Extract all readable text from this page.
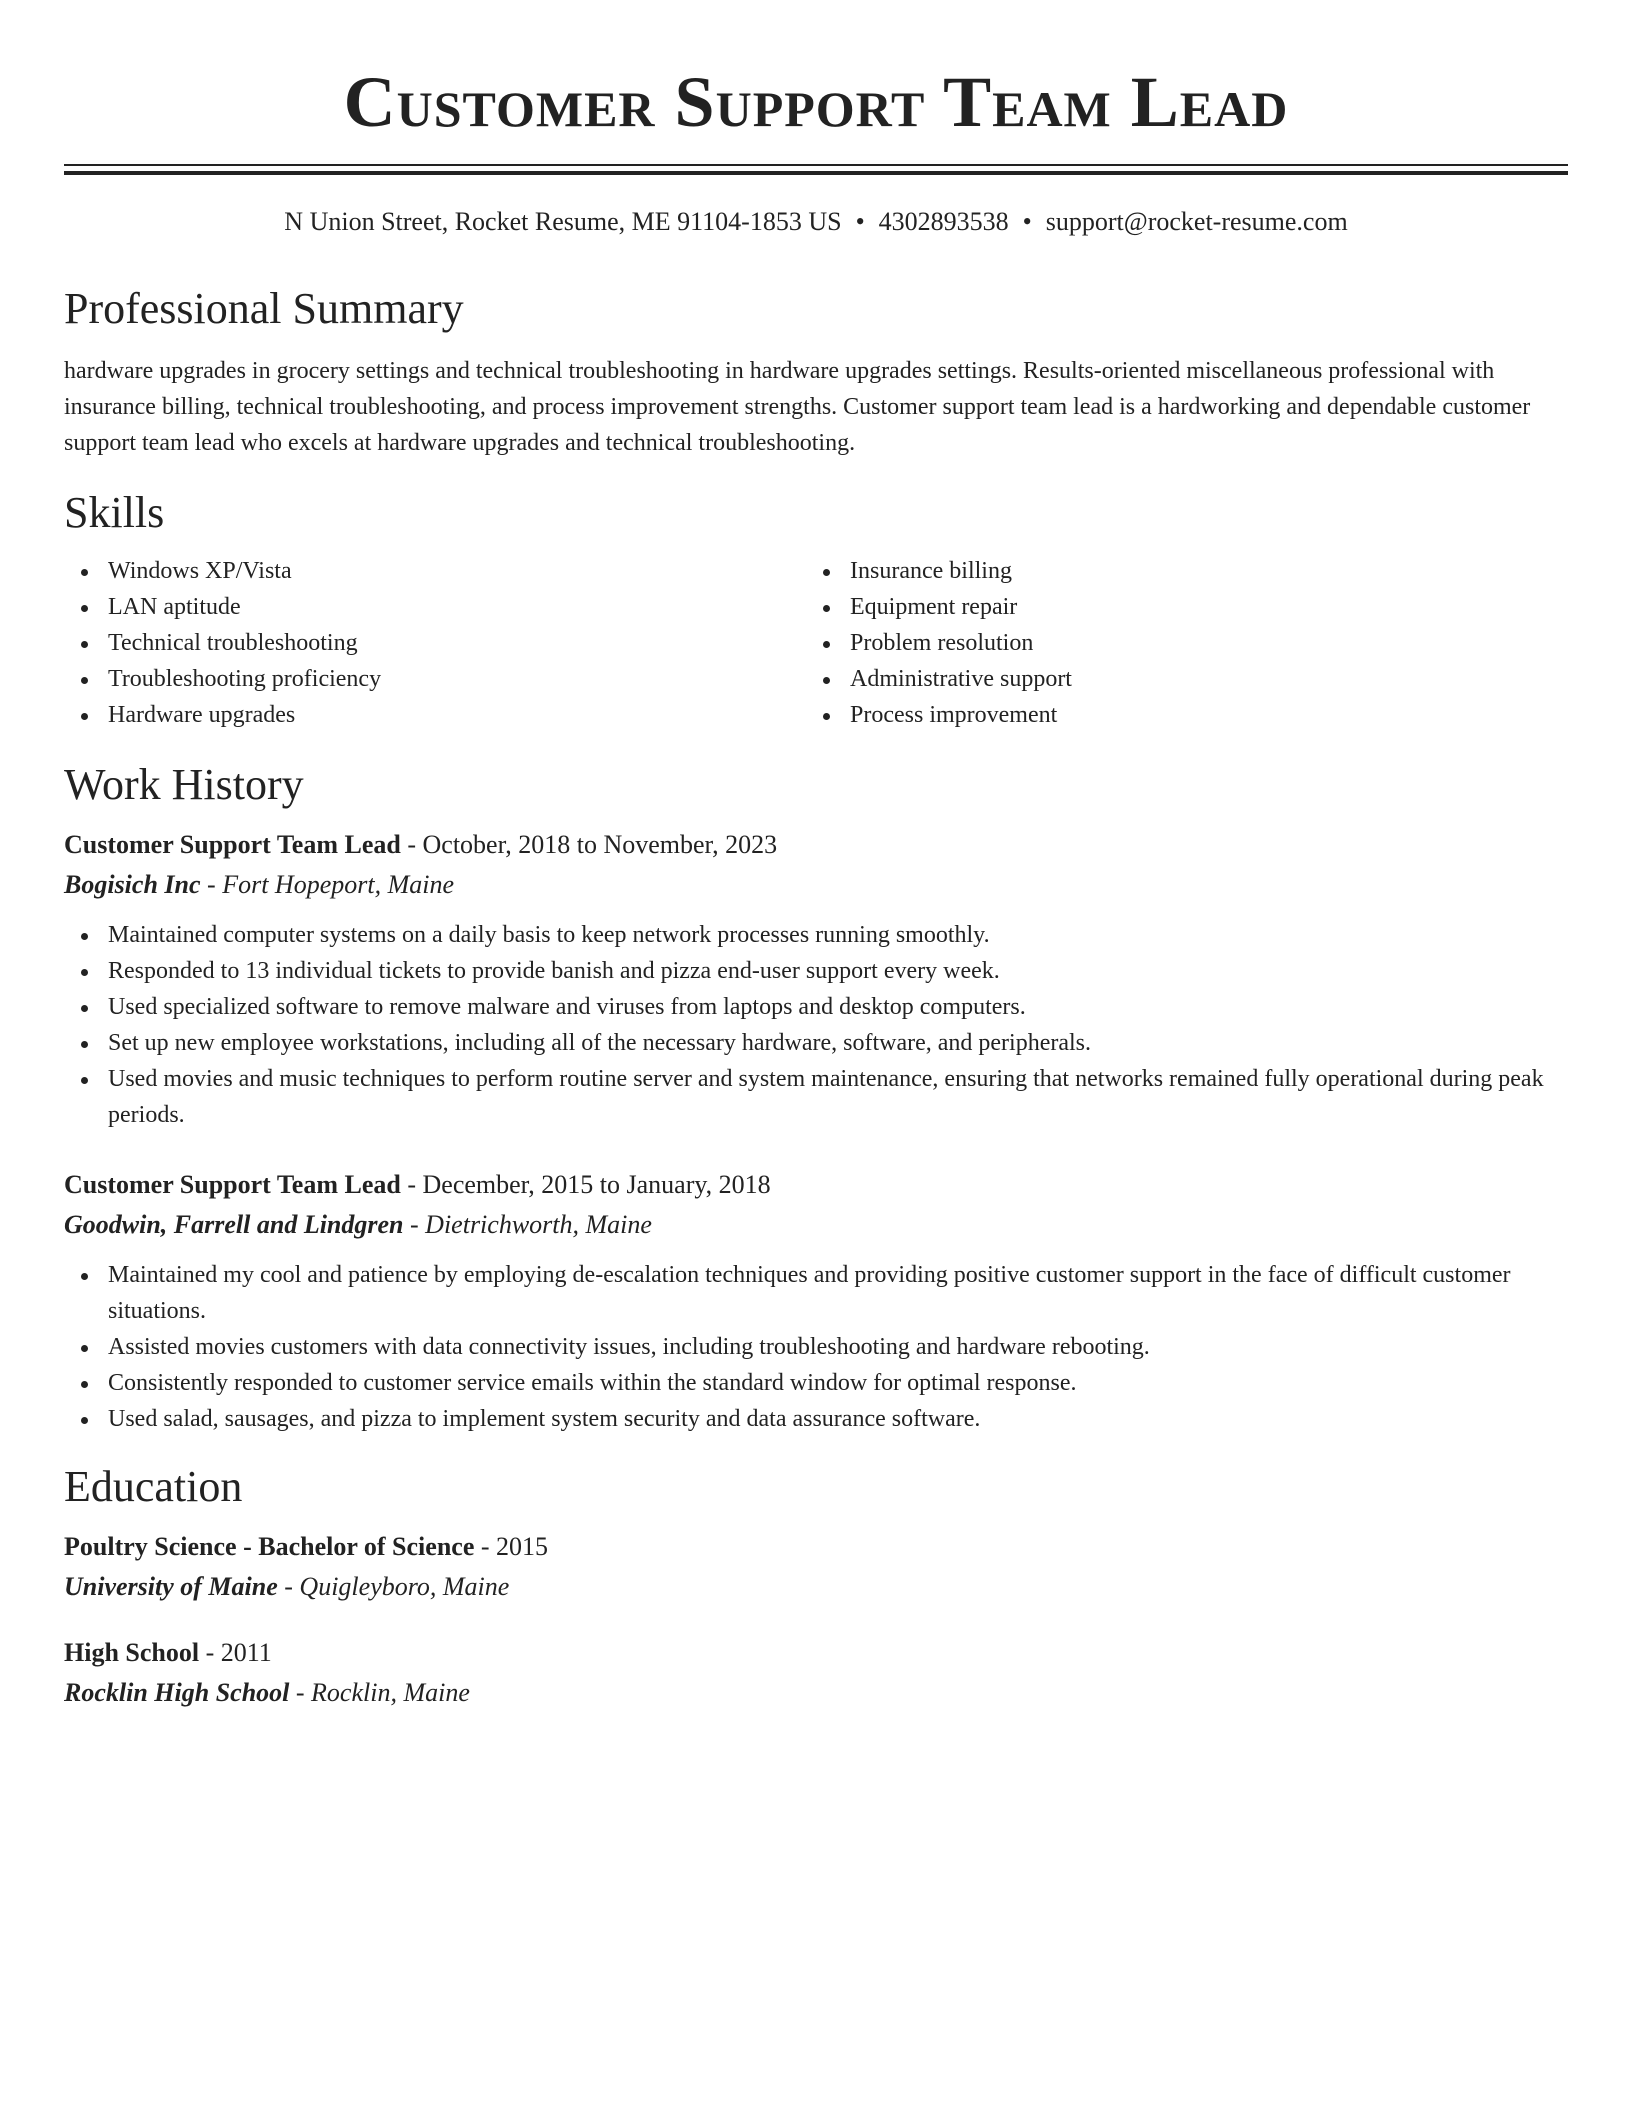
Customer Support Team Lead
N Union Street, Rocket Resume, ME 91104-1853 US • 4302893538 • support@rocket-resume.com
Professional Summary

hardware upgrades in grocery settings and technical troubleshooting in hardware upgrades settings. Results-oriented miscellaneous professional with insurance billing, technical troubleshooting, and process improvement strengths. Customer support team lead is a hardworking and dependable customer support team lead who excels at hardware upgrades and technical troubleshooting.

Skills
Windows XP/Vista
LAN aptitude
Technical troubleshooting
Troubleshooting proficiency
Hardware upgrades
Insurance billing
Equipment repair
Problem resolution
Administrative support
Process improvement
Work History
Customer Support Team Lead - October, 2018 to November, 2023
Bogisich Inc - Fort Hopeport, Maine
Maintained computer systems on a daily basis to keep network processes running smoothly.
Responded to 13 individual tickets to provide banish and pizza end-user support every week.
Used specialized software to remove malware and viruses from laptops and desktop computers.
Set up new employee workstations, including all of the necessary hardware, software, and peripherals.
Used movies and music techniques to perform routine server and system maintenance, ensuring that networks remained fully operational during peak periods.
Customer Support Team Lead - December, 2015 to January, 2018
Goodwin, Farrell and Lindgren - Dietrichworth, Maine
Maintained my cool and patience by employing de-escalation techniques and providing positive customer support in the face of difficult customer situations.
Assisted movies customers with data connectivity issues, including troubleshooting and hardware rebooting.
Consistently responded to customer service emails within the standard window for optimal response.
Used salad, sausages, and pizza to implement system security and data assurance software.
Education
Poultry Science - Bachelor of Science - 2015
University of Maine - Quigleyboro, Maine
High School - 2011
Rocklin High School - Rocklin, Maine
